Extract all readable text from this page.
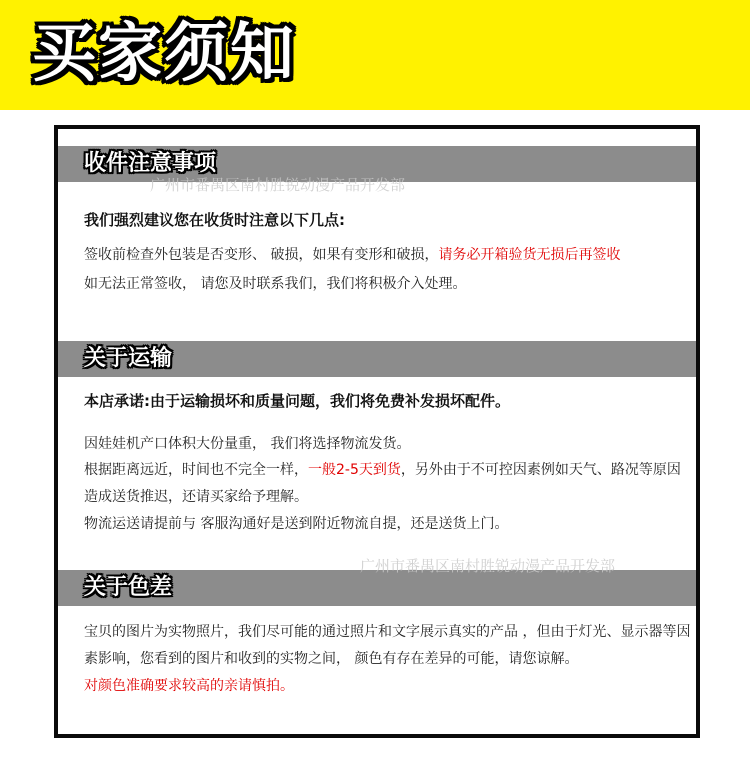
买家须知
收件注意事项
我们强烈建议您在收货时注意以下几点:
签收前检查外包装是否变形、 破损，如果有变形和破损，请务必开箱验货无损后再签收
如无法正常签收， 请您及时联系我们，我们将积极介入处理。
关于运输
本店承诺:由于运输损坏和质量问题，我们将免费补发损坏配件。
因娃娃机产口体积大份量重， 我们将选择物流发货。
根据距离远近，时间也不完全一样，一般2-5天到货，另外由于不可控因素例如天气、路况等原因
造成送货推迟，还请买家给予理解。
物流运送请提前与 客服沟通好是送到附近物流自提，还是送货上门。
关于色差
宝贝的图片为实物照片，我们尽可能的通过照片和文字展示真实的产品 ，但由于灯光、显示器等因
素影响，您看到的图片和收到的实物之间， 颜色有存在差异的可能，请您谅解。
对颜色准确要求较高的亲请慎拍。
广州市番禺区南村胜锐动漫产品开发部
广州市番禺区南村胜锐动漫产品开发部
